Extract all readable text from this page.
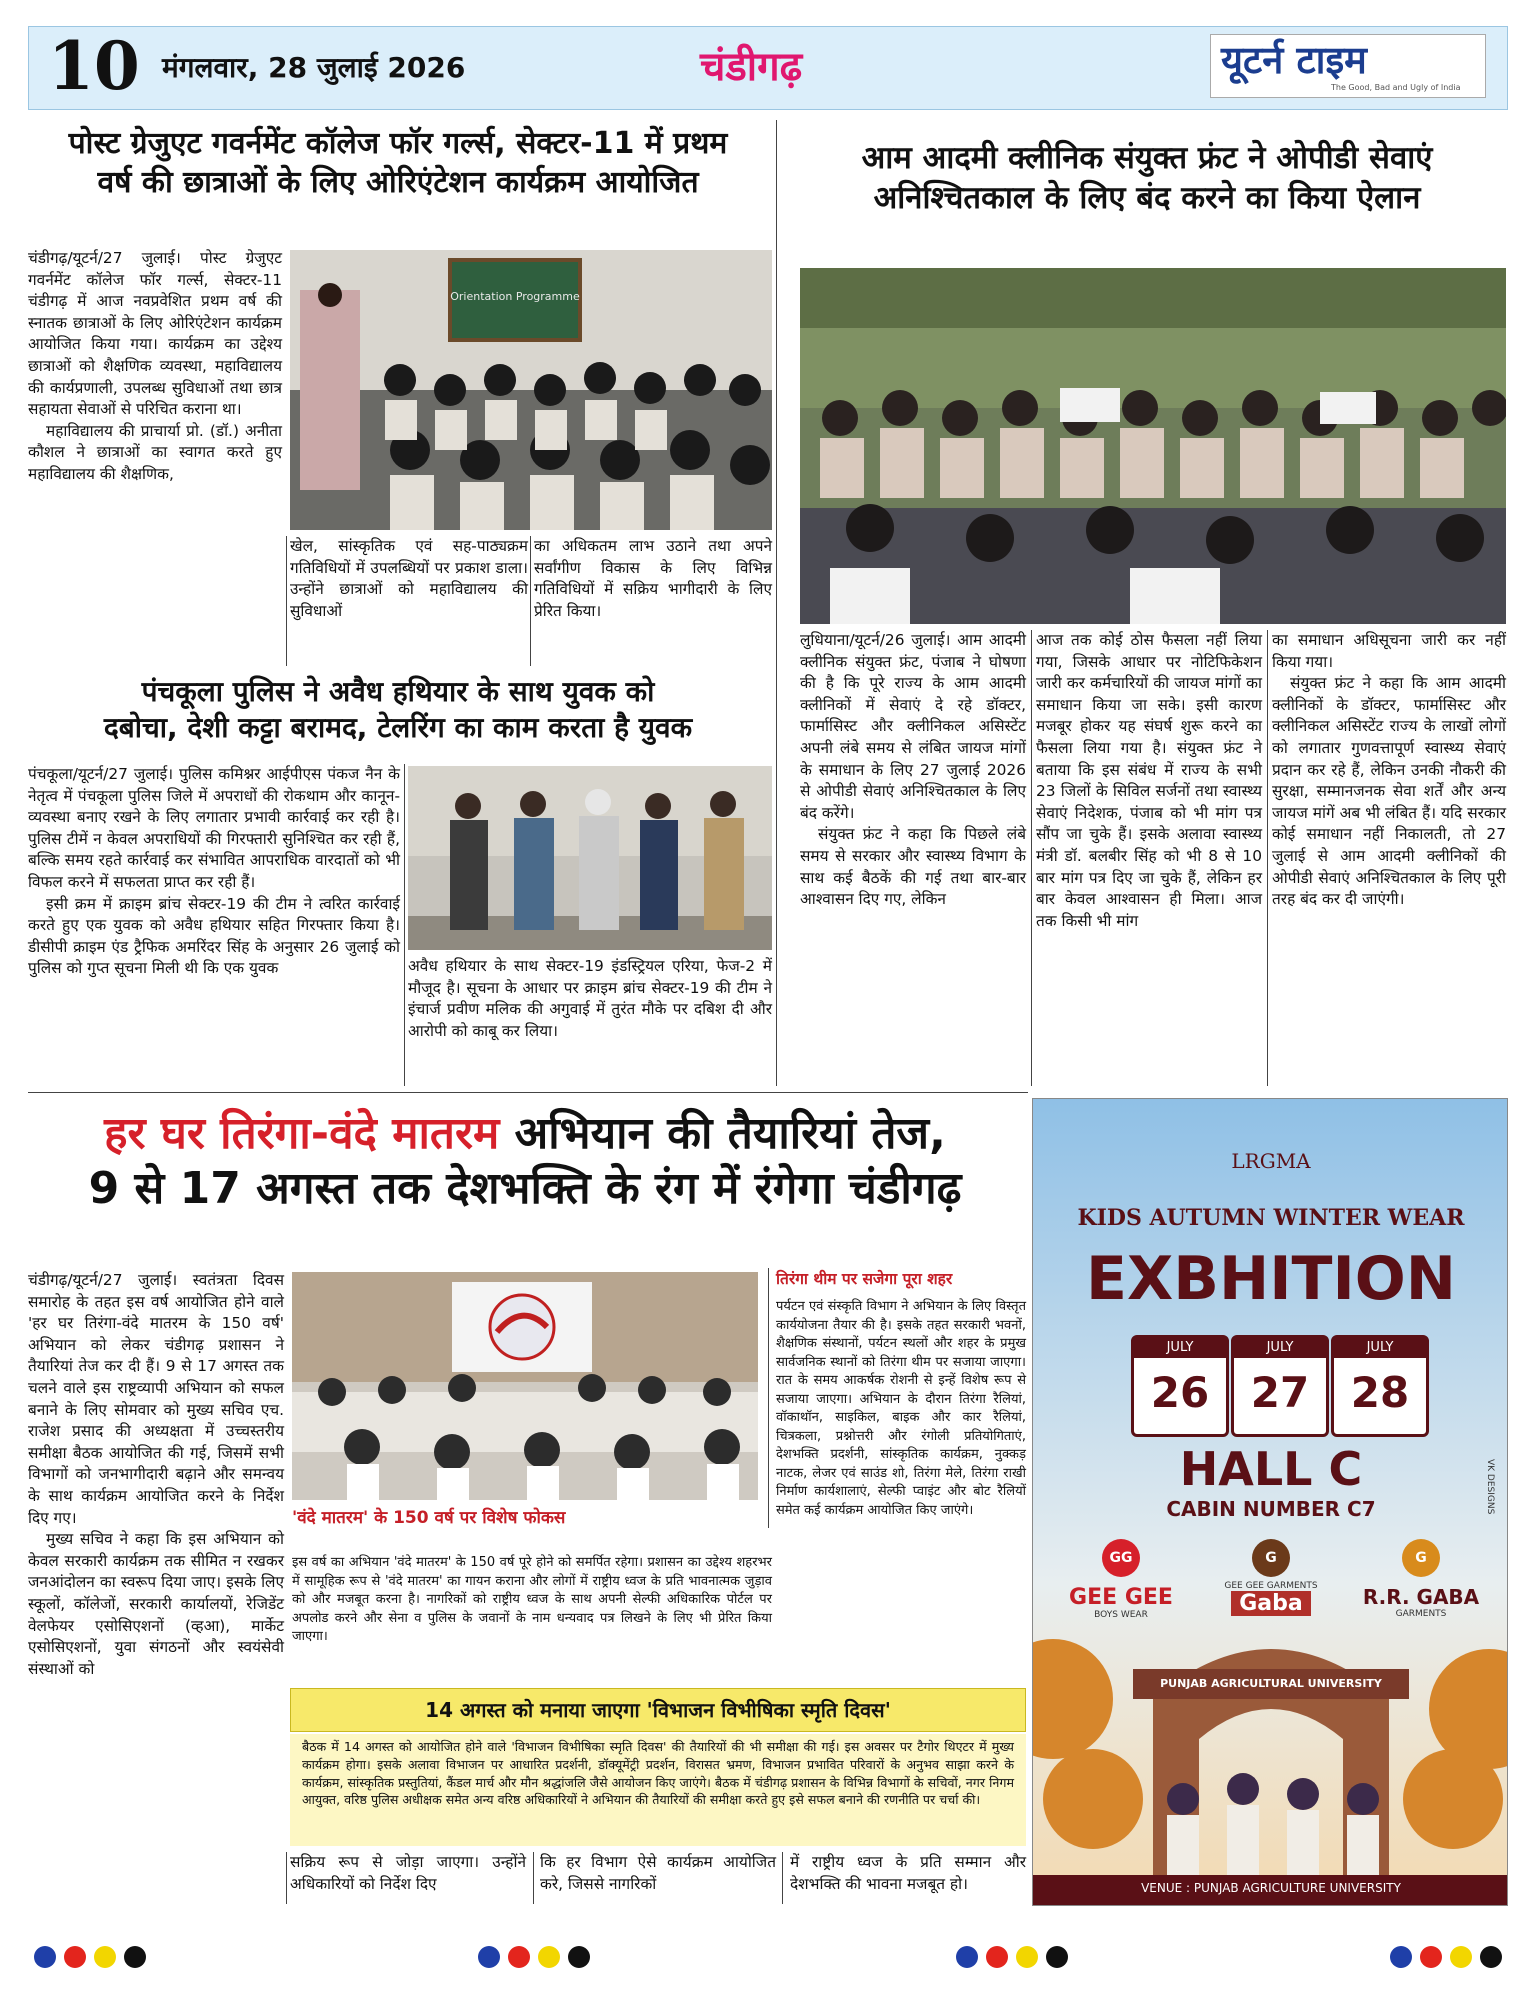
10 मंगलवार, 28 जुलाई 2026	चंडीगढ़	यूटर्न टाइम
The Good, Bad and Ugly of India
पोस्ट ग्रेजुएट गवर्नमेंट कॉलेज फॉर गर्ल्स, सेक्टर-11 में प्रथम
वर्ष की छात्राओं के लिए ओरिएंटेशन कार्यक्रम आयोजित

चंडीगढ़/यूटर्न/27 जुलाई। पोस्ट ग्रेजुएट गवर्नमेंट कॉलेज फॉर गर्ल्स, सेक्टर-11 चंडीगढ़ में आज नवप्रवेशित प्रथम वर्ष की स्नातक छात्राओं के लिए ओरिएंटेशन कार्यक्रम आयोजित किया गया। कार्यक्रम का उद्देश्य छात्राओं को शैक्षणिक व्यवस्था, महाविद्यालय की कार्यप्रणाली, उपलब्ध सुविधाओं तथा छात्र सहायता सेवाओं से परिचित कराना था।

महाविद्यालय की प्राचार्या प्रो. (डॉ.) अनीता कौशल ने छात्राओं का स्वागत करते हुए महाविद्यालय की शैक्षणिक,

Orientation Programme
खेल, सांस्कृतिक एवं सह-पाठ्यक्रम गतिविधियों में उपलब्धियों पर प्रकाश डाला। उन्होंने छात्राओं को महाविद्यालय की सुविधाओं
का अधिकतम लाभ उठाने तथा अपने सर्वांगीण विकास के लिए विभिन्न गतिविधियों में सक्रिय भागीदारी के लिए प्रेरित किया।
पंचकूला पुलिस ने अवैध हथियार के साथ युवक को
दबोचा, देशी कट्टा बरामद, टेलरिंग का काम करता है युवक

पंचकूला/यूटर्न/27 जुलाई। पुलिस कमिश्नर आईपीएस पंकज नैन के नेतृत्व में पंचकूला पुलिस जिले में अपराधों की रोकथाम और कानून-व्यवस्था बनाए रखने के लिए लगातार प्रभावी कार्रवाई कर रही है। पुलिस टीमें न केवल अपराधियों की गिरफ्तारी सुनिश्चित कर रही हैं, बल्कि समय रहते कार्रवाई कर संभावित आपराधिक वारदातों को भी विफल करने में सफलता प्राप्त कर रही हैं।

इसी क्रम में क्राइम ब्रांच सेक्टर-19 की टीम ने त्वरित कार्रवाई करते हुए एक युवक को अवैध हथियार सहित गिरफ्तार किया है। डीसीपी क्राइम एंड ट्रैफिक अमरिंदर सिंह के अनुसार 26 जुलाई को पुलिस को गुप्त सूचना मिली थी कि एक युवक	अवैध हथियार के साथ सेक्टर-19 इंडस्ट्रियल एरिया, फेज-2 में मौजूद है। सूचना के आधार पर क्राइम ब्रांच सेक्टर-19 की टीम ने इंचार्ज प्रवीण मलिक की अगुवाई में तुरंत मौके पर दबिश दी और आरोपी को काबू कर लिया।
आम आदमी क्लीनिक संयुक्त फ्रंट ने ओपीडी सेवाएं
अनिश्चितकाल के लिए बंद करने का किया ऐलान

लुधियाना/यूटर्न/26 जुलाई। आम आदमी क्लीनिक संयुक्त फ्रंट, पंजाब ने घोषणा की है कि पूरे राज्य के आम आदमी क्लीनिकों में सेवाएं दे रहे डॉक्टर, फार्मासिस्ट और क्लीनिकल असिस्टेंट अपनी लंबे समय से लंबित जायज मांगों के समाधान के लिए 27 जुलाई 2026 से ओपीडी सेवाएं अनिश्चितकाल के लिए बंद करेंगे।

संयुक्त फ्रंट ने कहा कि पिछले लंबे समय से सरकार और स्वास्थ्य विभाग के साथ कई बैठकें की गई तथा बार-बार आश्वासन दिए गए, लेकिन

आज तक कोई ठोस फैसला नहीं लिया गया, जिसके आधार पर नोटिफिकेशन जारी कर कर्मचारियों की जायज मांगों का समाधान किया जा सके। इसी कारण मजबूर होकर यह संघर्ष शुरू करने का फैसला लिया गया है। संयुक्त फ्रंट ने बताया कि इस संबंध में राज्य के सभी 23 जिलों के सिविल सर्जनों तथा स्वास्थ्य सेवाएं निदेशक, पंजाब को भी मांग पत्र सौंप जा चुके हैं। इसके अलावा स्वास्थ्य मंत्री डॉ. बलबीर सिंह को भी 8 से 10 बार मांग पत्र दिए जा चुके हैं, लेकिन हर बार केवल आश्वासन ही मिला। आज तक किसी भी मांग

का समाधान अधिसूचना जारी कर नहीं किया गया।

संयुक्त फ्रंट ने कहा कि आम आदमी क्लीनिकों के डॉक्टर, फार्मासिस्ट और क्लीनिकल असिस्टेंट राज्य के लाखों लोगों को लगातार गुणवत्तापूर्ण स्वास्थ्य सेवाएं प्रदान कर रहे हैं, लेकिन उनकी नौकरी की सुरक्षा, सम्मानजनक सेवा शर्तें और अन्य जायज मांगें अब भी लंबित हैं। यदि सरकार कोई समाधान नहीं निकालती, तो 27 जुलाई से आम आदमी क्लीनिकों की ओपीडी सेवाएं अनिश्चितकाल के लिए पूरी तरह बंद कर दी जाएंगी।

हर घर तिरंगा-वंदे मातरम अभियान की तैयारियां तेज,
9 से 17 अगस्त तक देशभक्ति के रंग में रंगेगा चंडीगढ़

चंडीगढ़/यूटर्न/27 जुलाई। स्वतंत्रता दिवस समारोह के तहत इस वर्ष आयोजित होने वाले 'हर घर तिरंगा-वंदे मातरम के 150 वर्ष' अभियान को लेकर चंडीगढ़ प्रशासन ने तैयारियां तेज कर दी हैं। 9 से 17 अगस्त तक चलने वाले इस राष्ट्रव्यापी अभियान को सफल बनाने के लिए सोमवार को मुख्य सचिव एच. राजेश प्रसाद की अध्यक्षता में उच्चस्तरीय समीक्षा बैठक आयोजित की गई, जिसमें सभी विभागों को जनभागीदारी बढ़ाने और समन्वय के साथ कार्यक्रम आयोजित करने के निर्देश दिए गए।

मुख्य सचिव ने कहा कि इस अभियान को केवल सरकारी कार्यक्रम तक सीमित न रखकर जनआंदोलन का स्वरूप दिया जाए। इसके लिए स्कूलों, कॉलेजों, सरकारी कार्यालयों, रेजिडेंट वेलफेयर एसोसिएशनों (व्हआ), मार्केट एसोसिएशनों, युवा संगठनों और स्वयंसेवी संस्थाओं को

'वंदे मातरम' के 150 वर्ष पर विशेष फोकस
इस वर्ष का अभियान 'वंदे मातरम' के 150 वर्ष पूरे होने को समर्पित रहेगा। प्रशासन का उद्देश्य शहरभर में सामूहिक रूप से 'वंदे मातरम' का गायन कराना और लोगों में राष्ट्रीय ध्वज के प्रति भावनात्मक जुड़ाव को और मजबूत करना है। नागरिकों को राष्ट्रीय ध्वज के साथ अपनी सेल्फी अधिकारिक पोर्टल पर अपलोड करने और सेना व पुलिस के जवानों के नाम धन्यवाद पत्र लिखने के लिए भी प्रेरित किया जाएगा।
तिरंगा थीम पर सजेगा पूरा शहर
पर्यटन एवं संस्कृति विभाग ने अभियान के लिए विस्तृत कार्ययोजना तैयार की है। इसके तहत सरकारी भवनों, शैक्षणिक संस्थानों, पर्यटन स्थलों और शहर के प्रमुख सार्वजनिक स्थानों को तिरंगा थीम पर सजाया जाएगा। रात के समय आकर्षक रोशनी से इन्हें विशेष रूप से सजाया जाएगा। अभियान के दौरान तिरंगा रैलियां, वॉकाथॉन, साइकिल, बाइक और कार रैलियां, चित्रकला, प्रश्नोत्तरी और रंगोली प्रतियोगिताएं, देशभक्ति प्रदर्शनी, सांस्कृतिक कार्यक्रम, नुक्कड़ नाटक, लेजर एवं साउंड शो, तिरंगा मेले, तिरंगा राखी निर्माण कार्यशालाएं, सेल्फी प्वाइंट और बोट रैलियों समेत कई कार्यक्रम आयोजित किए जाएंगे।
14 अगस्त को मनाया जाएगा 'विभाजन विभीषिका स्मृति दिवस'
बैठक में 14 अगस्त को आयोजित होने वाले 'विभाजन विभीषिका स्मृति दिवस' की तैयारियों की भी समीक्षा की गई। इस अवसर पर टैगोर थिएटर में मुख्य कार्यक्रम होगा। इसके अलावा विभाजन पर आधारित प्रदर्शनी, डॉक्यूमेंट्री प्रदर्शन, विरासत भ्रमण, विभाजन प्रभावित परिवारों के अनुभव साझा करने के कार्यक्रम, सांस्कृतिक प्रस्तुतियां, कैंडल मार्च और मौन श्रद्धांजलि जैसे आयोजन किए जाएंगे। बैठक में चंडीगढ़ प्रशासन के विभिन्न विभागों के सचिवों, नगर निगम आयुक्त, वरिष्ठ पुलिस अधीक्षक समेत अन्य वरिष्ठ अधिकारियों ने अभियान की तैयारियों की समीक्षा करते हुए इसे सफल बनाने की रणनीति पर चर्चा की।
सक्रिय रूप से जोड़ा जाएगा। उन्होंने अधिकारियों को निर्देश दिए
कि हर विभाग ऐसे कार्यक्रम आयोजित करे, जिससे नागरिकों
में राष्ट्रीय ध्वज के प्रति सम्मान और देशभक्ति की भावना मजबूत हो।
LRGMA
KIDS AUTUMN WINTER WEAR
EXBHITION
JULY
26
JULY
27
JULY
28
HALL C
CABIN NUMBER C7	VK DESIGNS
GG
GEE GEE
BOYS WEAR
G
GEE GEE GARMENTS
Gaba
G
R.R. GABA
GARMENTS
PUNJAB AGRICULTURAL UNIVERSITY
VENUE : PUNJAB AGRICULTURE UNIVERSITY
